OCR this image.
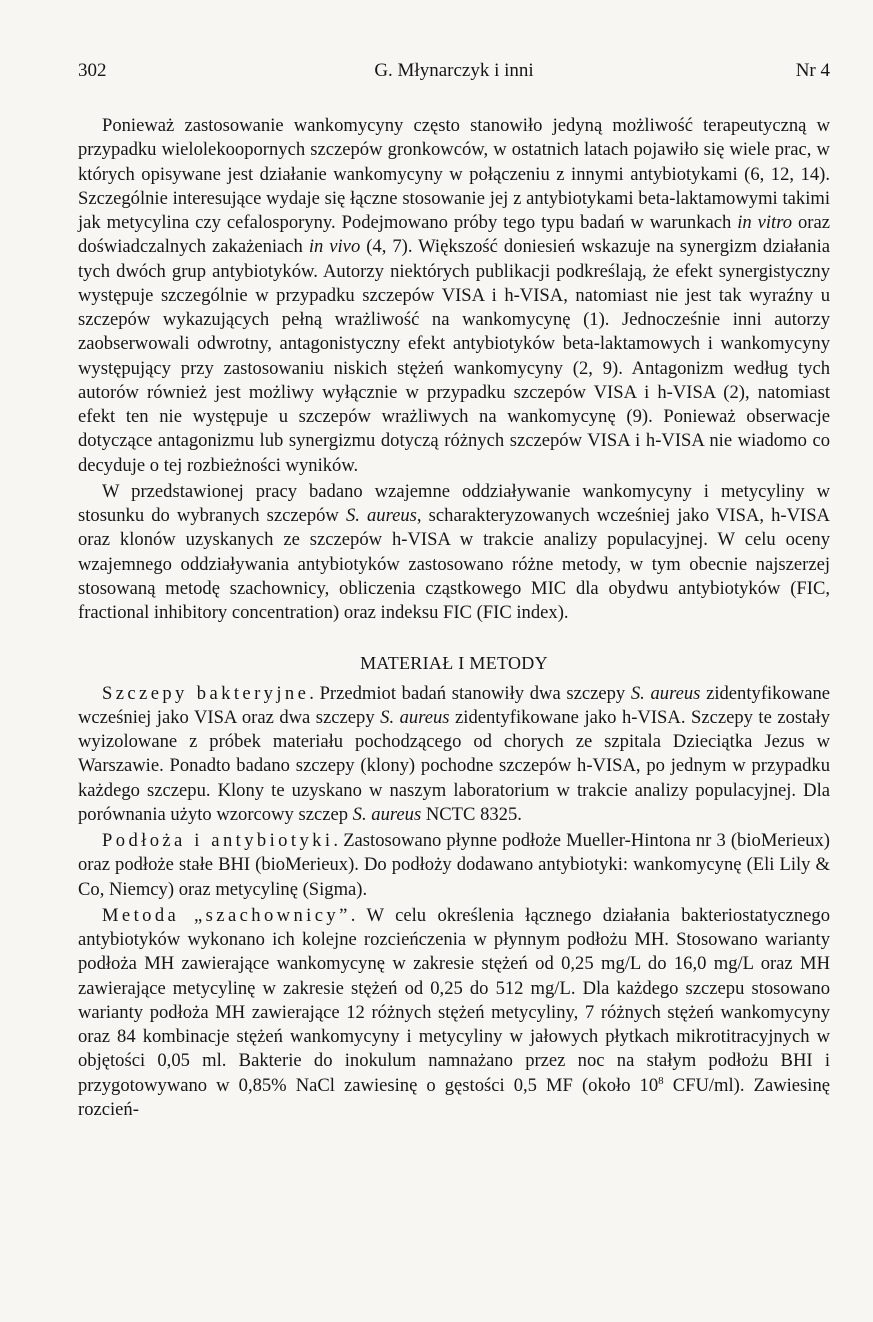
302	G. Młynarczyk i inni	Nr 4

Ponieważ zastosowanie wankomycyny często stanowiło jedyną możliwość terapeutyczną w przypadku wielolekoopornych szczepów gronkowców, w ostatnich latach pojawiło się wiele prac, w których opisywane jest działanie wankomycyny w połączeniu z innymi antybiotykami (6, 12, 14). Szczególnie interesujące wydaje się łączne stosowanie jej z antybiotykami beta-laktamowymi takimi jak metycylina czy cefalosporyny. Podejmowano próby tego typu badań w warunkach in vitro oraz doświadczalnych zakażeniach in vivo (4, 7). Większość doniesień wskazuje na synergizm działania tych dwóch grup antybiotyków. Autorzy niektórych publikacji podkreślają, że efekt synergistyczny występuje szczególnie w przypadku szczepów VISA i h-VISA, natomiast nie jest tak wyraźny u szczepów wykazujących pełną wrażliwość na wankomycynę (1). Jednocześnie inni autorzy zaobserwowali odwrotny, antagonistyczny efekt antybiotyków beta-laktamowych i wankomycyny występujący przy zastosowaniu niskich stężeń wankomycyny (2, 9). Antagonizm według tych autorów również jest możliwy wyłącznie w przypadku szczepów VISA i h-VISA (2), natomiast efekt ten nie występuje u szczepów wrażliwych na wankomycynę (9). Ponieważ obserwacje dotyczące antagonizmu lub synergizmu dotyczą różnych szczepów VISA i h-VISA nie wiadomo co decyduje o tej rozbieżności wyników.

W przedstawionej pracy badano wzajemne oddziaływanie wankomycyny i metycyliny w stosunku do wybranych szczepów S. aureus, scharakteryzowanych wcześniej jako VISA, h-VISA oraz klonów uzyskanych ze szczepów h-VISA w trakcie analizy populacyjnej. W celu oceny wzajemnego oddziaływania antybiotyków zastosowano różne metody, w tym obecnie najszerzej stosowaną metodę szachownicy, obliczenia cząstkowego MIC dla obydwu antybiotyków (FIC, fractional inhibitory concentration) oraz indeksu FIC (FIC index).

MATERIAŁ I METODY

Szczepy bakteryjne. Przedmiot badań stanowiły dwa szczepy S. aureus zidentyfikowane wcześniej jako VISA oraz dwa szczepy S. aureus zidentyfikowane jako h-VISA. Szczepy te zostały wyizolowane z próbek materiału pochodzącego od chorych ze szpitala Dzieciątka Jezus w Warszawie. Ponadto badano szczepy (klony) pochodne szczepów h-VISA, po jednym w przypadku każdego szczepu. Klony te uzyskano w naszym laboratorium w trakcie analizy populacyjnej. Dla porównania użyto wzorcowy szczep S. aureus NCTC 8325.

Podłoża i antybiotyki. Zastosowano płynne podłoże Mueller-Hintona nr 3 (bioMerieux) oraz podłoże stałe BHI (bioMerieux). Do podłoży dodawano antybiotyki: wankomycynę (Eli Lily & Co, Niemcy) oraz metycylinę (Sigma).

Metoda „szachownicy”. W celu określenia łącznego działania bakteriostatycznego antybiotyków wykonano ich kolejne rozcieńczenia w płynnym podłożu MH. Stosowano warianty podłoża MH zawierające wankomycynę w zakresie stężeń od 0,25 mg/L do 16,0 mg/L oraz MH zawierające metycylinę w zakresie stężeń od 0,25 do 512 mg/L. Dla każdego szczepu stosowano warianty podłoża MH zawierające 12 różnych stężeń metycyliny, 7 różnych stężeń wankomycyny oraz 84 kombinacje stężeń wankomycyny i metycyliny w jałowych płytkach mikrotitracyjnych w objętości 0,05 ml. Bakterie do inokulum namnażano przez noc na stałym podłożu BHI i przygotowywano w 0,85% NaCl zawiesinę o gęstości 0,5 MF (około $10^8$ CFU/ml). Zawiesinę rozcień-
